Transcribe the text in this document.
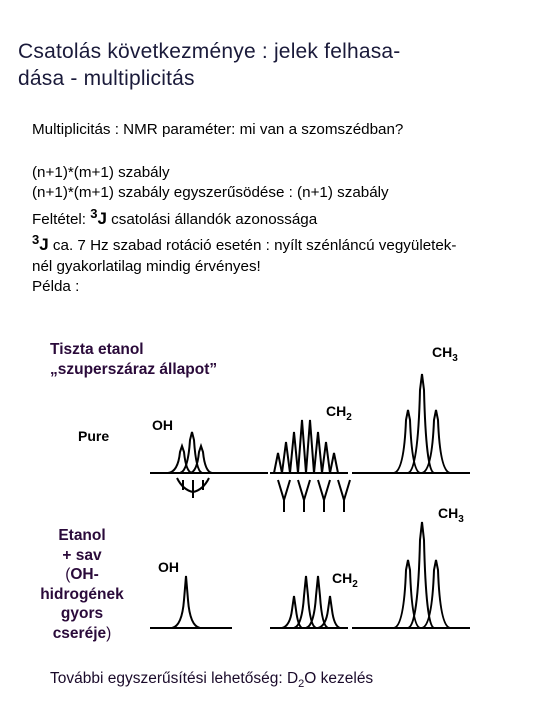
Csatolás következménye : jelek felhasa-
dása - multiplicitás

Multiplicitás : NMR paraméter: mi van a szomszédban?

(n+1)*(m+1) szabály

(n+1)*(m+1) szabály egyszerűsödése : (n+1) szabály

Feltétel: 3J csatolási állandók azonossága

3J ca. 7 Hz szabad rotáció esetén : nyílt szénláncú vegyületek-

nél gyakorlatilag mindig érvényes!

Példa :

Tiszta etanol
„szuperszáraz állapot”
Etanol
+ sav
(OH-
hidrogének
gyors
cseréje)
Pure
OH
$CH_2$
$CH_3$
OH
$CH_2$
$CH_3$
További egyszerűsítési lehetőség: $D_2O$ kezelés
